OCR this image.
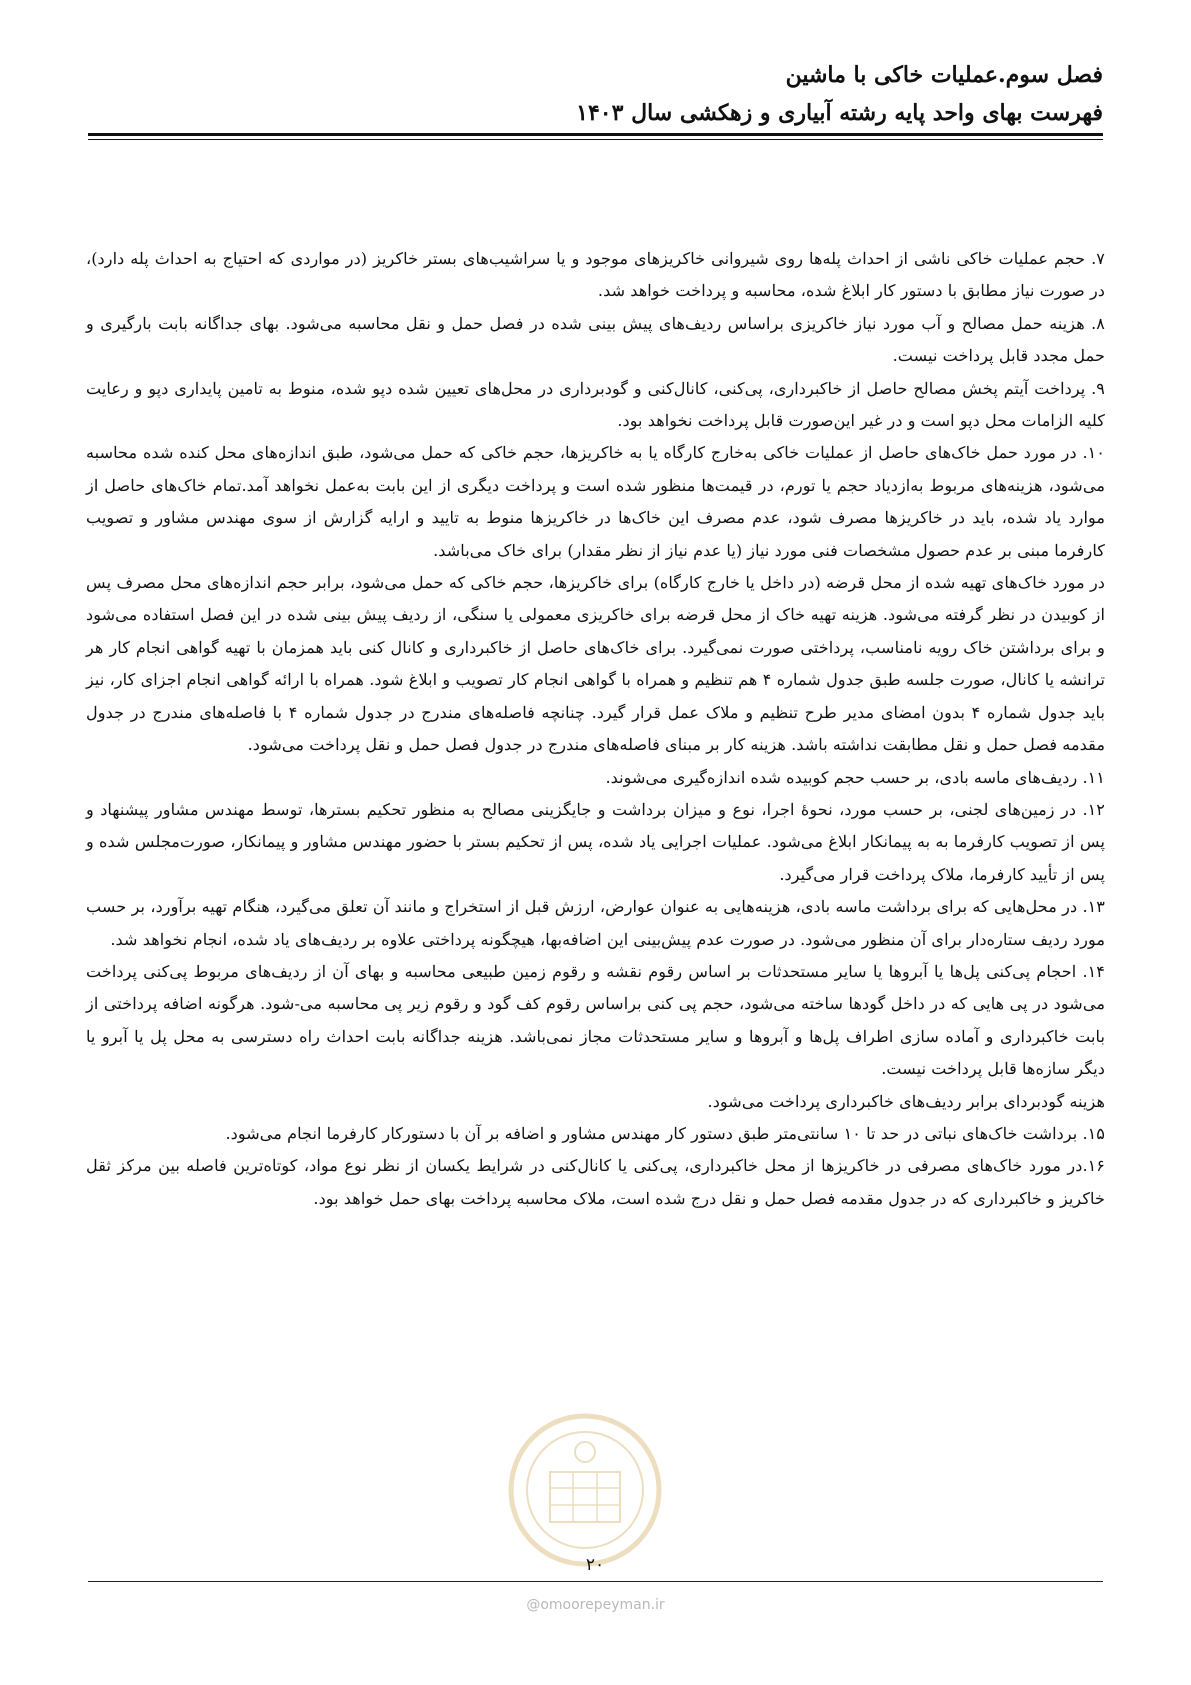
فصل سوم.عملیات خاکی با ماشین
فهرست بهای واحد پایه رشته آبیاری و زهکشی سال ۱۴۰۳

۷. حجم عملیات خاکی ناشی از احداث پله‌ها روی شیروانی خاکریزهای موجود و یا سراشیب‌های بستر خاکریز (در مواردی که احتیاج به احداث پله دارد)، در صورت نیاز مطابق با دستور کار ابلاغ شده، محاسبه و پرداخت خواهد شد.

۸. هزینه حمل مصالح و آب مورد نیاز خاکریزی براساس ردیف‌های پیش بینی شده در فصل حمل و نقل محاسبه می‌شود. بهای جداگانه بابت بارگیری و حمل مجدد قابل پرداخت نیست.

۹. پرداخت آیتم پخش مصالح حاصل از خاکبرداری، پی‌کنی، کانال‌کنی و گودبرداری در محل‌های تعیین شده دپو شده، منوط به تامین پایداری دپو و رعایت کلیه الزامات محل دپو است و در غیر این‌صورت قابل پرداخت نخواهد بود.

۱۰. در مورد حمل خاک‌های حاصل از عملیات خاکی به‌خارج کارگاه یا به خاکریزها، حجم خاکی که حمل می‌شود، طبق اندازه‌های محل کنده شده محاسبه می‌شود، هزینه‌های مربوط به‌ازدیاد حجم یا تورم، در قیمت‌ها منظور شده است و پرداخت دیگری از این بابت به‌عمل نخواهد آمد.تمام خاک‌های حاصل از موارد یاد شده، باید در خاکریزها مصرف شود، عدم مصرف این خاک‌ها در خاکریزها منوط به تایید و ارایه گزارش از سوی مهندس مشاور و تصویب کارفرما مبنی بر عدم حصول مشخصات فنی مورد نیاز (یا عدم نیاز از نظر مقدار) برای خاک می‌باشد.

در مورد خاک‌های تهیه شده از محل قرضه (در داخل یا خارج کارگاه) برای خاکریزها، حجم خاکی که حمل می‌شود، برابر حجم اندازه‌های محل مصرف پس از کوبیدن در نظر گرفته می‌شود. هزینه تهیه خاک از محل قرضه برای خاکریزی معمولی یا سنگی، از ردیف پیش بینی شده در این فصل استفاده می‌شود و برای برداشتن خاک رویه نامناسب، پرداختی صورت نمی‌گیرد. برای خاک‌های حاصل از خاکبرداری و کانال کنی باید همزمان با تهیه گواهی انجام کار هر ترانشه یا کانال، صورت جلسه طبق جدول شماره ۴ هم تنظیم و همراه با گواهی انجام کار تصویب و ابلاغ شود. همراه با ارائه گواهی انجام اجزای کار، نیز باید جدول شماره ۴ بدون امضای مدیر طرح تنظیم و ملاک عمل قرار گیرد. چنانچه فاصله‌های مندرج در جدول شماره ۴ با فاصله‌های مندرج در جدول مقدمه فصل حمل و نقل مطابقت نداشته باشد. هزینه کار بر مبنای فاصله‌های مندرج در جدول فصل حمل و نقل پرداخت می‌شود.

۱۱. ردیف‌های ماسه بادی، بر حسب حجم کوبیده شده اندازه‌گیری می‌شوند.

۱۲. در زمین‌های لجنی، بر حسب مورد، نحوۀ اجرا، نوع و میزان برداشت و جایگزینی مصالح به منظور تحکیم بسترها، توسط مهندس مشاور پیشنهاد و پس از تصویب کارفرما به به پیمانکار ابلاغ می‌شود. عملیات اجرایی یاد شده، پس از تحکیم بستر با حضور مهندس مشاور و پیمانکار، صورت‌مجلس شده و پس از تأیید کارفرما، ملاک پرداخت قرار می‌گیرد.

۱۳. در محل‌هایی که برای برداشت ماسه بادی، هزینه‌هایی به عنوان عوارض، ارزش قبل از استخراج و مانند آن تعلق می‌گیرد، هنگام تهیه برآورد، بر حسب مورد ردیف ستاره‌دار برای آن منظور می‌شود. در صورت عدم پیش‌بینی این اضافه‌بها، هیچگونه پرداختی علاوه بر ردیف‌های یاد شده، انجام نخواهد شد.

۱۴. احجام پی‌کنی پل‌ها یا آبروها یا سایر مستحدثات بر اساس رقوم نقشه و رقوم زمین طبیعی محاسبه و بهای آن از ردیف‌های مربوط پی‌کنی پرداخت می‌شود در پی هایی که در داخل گودها ساخته می‌شود، حجم پی کنی براساس رقوم کف گود و رقوم زیر پی محاسبه می-شود. هرگونه اضافه پرداختی از بابت خاکبرداری و آماده سازی اطراف پل‌ها و آبروها و سایر مستحدثات مجاز نمی‌باشد. هزینه جداگانه بابت احداث راه دسترسی به محل پل یا آبرو یا دیگر سازه‌ها قابل پرداخت نیست.

هزینه گودبردای برابر ردیف‌های خاکبرداری پرداخت می‌شود.

۱۵. برداشت خاک‌های نباتی در حد تا ۱۰ سانتی‌متر طبق دستور کار مهندس مشاور و اضافه بر آن با دستورکار کارفرما انجام می‌شود.

۱۶.در مورد خاک‌های مصرفی در خاکریزها از محل خاکبرداری، پی‌کنی یا کانال‌کنی در شرایط یکسان از نظر نوع مواد، کوتاه‌ترین فاصله بین مرکز ثقل خاکریز و خاکبرداری که در جدول مقدمه فصل حمل و نقل درج شده است، ملاک محاسبه پرداخت بهای حمل خواهد بود.

۲۰
@omoorepeyman.ir
